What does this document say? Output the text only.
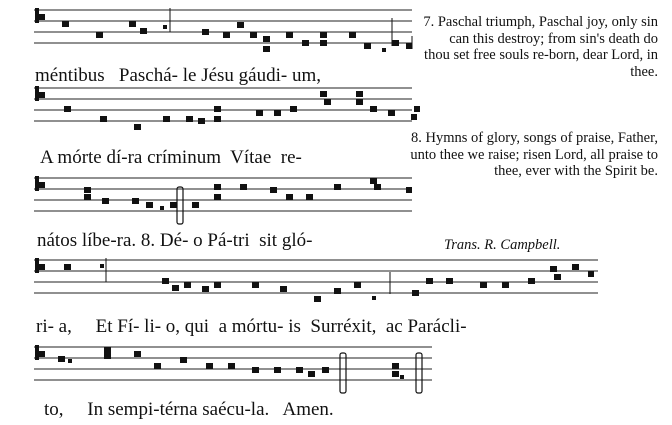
méntibus   Paschá- le Jésu gáudi- um,
A mórte dí-ra críminum  Vítae  re-
nátos líbe-ra. 8. Dé- o Pá-tri  sit gló-
ri- a,     Et Fí- li- o, qui  a mórtu- is  Surréxit,  ac Parácli-
to,     In sempi-térna saécu-la.   Amen.

7. Paschal triumph, Paschal joy, only sin can this destroy; from sin's death do thou set free souls re-born, dear Lord, in thee.

8. Hymns of glory, songs of praise, Father, unto thee we raise; risen Lord, all praise to thee, ever with the Spirit be.

Trans. R. Campbell.
